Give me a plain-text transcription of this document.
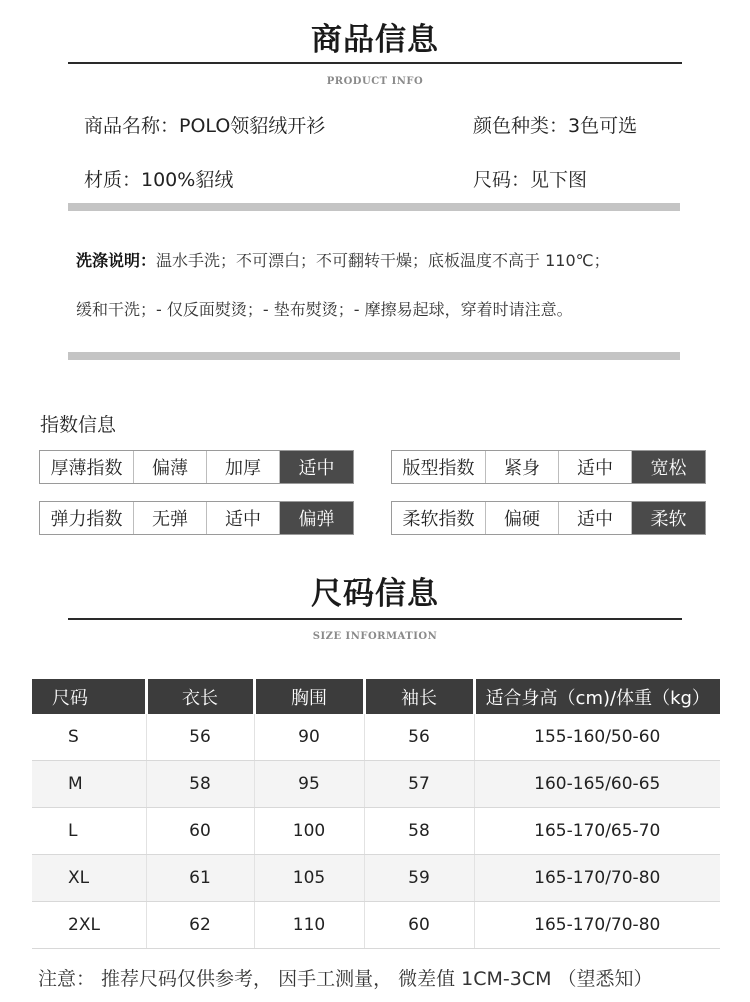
商品信息
PRODUCT INFO
商品名称：POLO领貂绒开衫	颜色种类：3色可选
材质：100%貂绒	尺码：见下图
洗涤说明：温水手洗；不可漂白；不可翻转干燥；底板温度不高于 110℃；
缓和干洗；- 仅反面熨烫；- 垫布熨烫；- 摩擦易起球，穿着时请注意。
指数信息
厚薄指数	偏薄	加厚	适中	版型指数	紧身	适中	宽松
弹力指数	无弹	适中	偏弹	柔软指数	偏硬	适中	柔软
尺码信息
SIZE INFORMATION
尺码	衣长	胸围	袖长	适合身高（cm)/体重（kg）
S	56	90	56	155-160/50-60
M	58	95	57	160-165/60-65
L	60	100	58	165-170/65-70
XL	61	105	59	165-170/70-80
2XL	62	110	60	165-170/70-80
注意： 推荐尺码仅供参考， 因手工测量， 微差值 1CM-3CM （望悉知）
